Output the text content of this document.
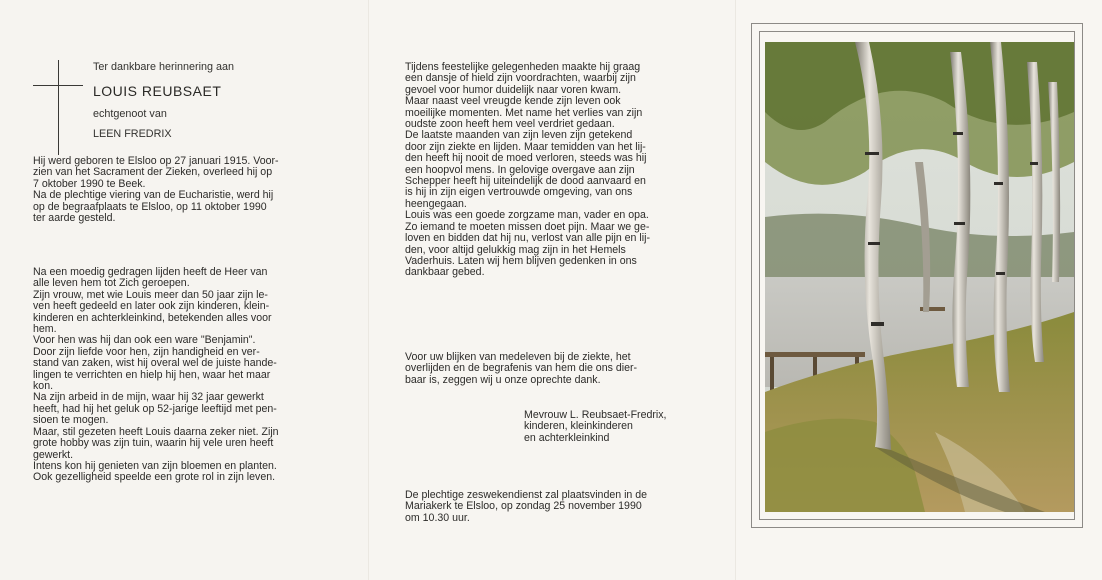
Ter dankbare herinnering aan
LOUIS REUBSAET
echtgenoot van
LEEN FREDRIX
Hij werd geboren te Elsloo op 27 januari 1915. Voor-
zien van het Sacrament der Zieken, overleed hij op
7 oktober 1990 te Beek.
Na de plechtige viering van de Eucharistie, werd hij
op de begraafplaats te Elsloo, op 11 oktober 1990
ter aarde gesteld.
Na een moedig gedragen lijden heeft de Heer van
alle leven hem tot Zich geroepen.
Zijn vrouw, met wie Louis meer dan 50 jaar zijn le-
ven heeft gedeeld en later ook zijn kinderen, klein-
kinderen en achterkleinkind, betekenden alles voor
hem.
Voor hen was hij dan ook een ware "Benjamin".
Door zijn liefde voor hen, zijn handigheid en ver-
stand van zaken, wist hij overal wel de juiste hande-
lingen te verrichten en hielp hij hen, waar het maar
kon.
Na zijn arbeid in de mijn, waar hij 32 jaar gewerkt
heeft, had hij het geluk op 52-jarige leeftijd met pen-
sioen te mogen.
Maar, stil gezeten heeft Louis daarna zeker niet. Zijn
grote hobby was zijn tuin, waarin hij vele uren heeft
gewerkt.
Intens kon hij genieten van zijn bloemen en planten.
Ook gezelligheid speelde een grote rol in zijn leven.
Tijdens feestelijke gelegenheden maakte hij graag
een dansje of hield zijn voordrachten, waarbij zijn
gevoel voor humor duidelijk naar voren kwam.
Maar naast veel vreugde kende zijn leven ook
moeilijke momenten. Met name het verlies van zijn
oudste zoon heeft hem veel verdriet gedaan.
De laatste maanden van zijn leven zijn getekend
door zijn ziekte en lijden. Maar temidden van het lij-
den heeft hij nooit de moed verloren, steeds was hij
een hoopvol mens. In gelovige overgave aan zijn
Schepper heeft hij uiteindelijk de dood aanvaard en
is hij in zijn eigen vertrouwde omgeving, van ons
heengegaan.
Louis was een goede zorgzame man, vader en opa.
Zo iemand te moeten missen doet pijn. Maar we ge-
loven en bidden dat hij nu, verlost van alle pijn en lij-
den, voor altijd gelukkig mag zijn in het Hemels
Vaderhuis. Laten wij hem blijven gedenken in ons
dankbaar gebed.
Voor uw blijken van medeleven bij de ziekte, het
overlijden en de begrafenis van hem die ons dier-
baar is, zeggen wij u onze oprechte dank.
Mevrouw L. Reubsaet-Fredrix,
kinderen, kleinkinderen
en achterkleinkind
De plechtige zeswekendienst zal plaatsvinden in de
Mariakerk te Elsloo, op zondag 25 november 1990
om 10.30 uur.
